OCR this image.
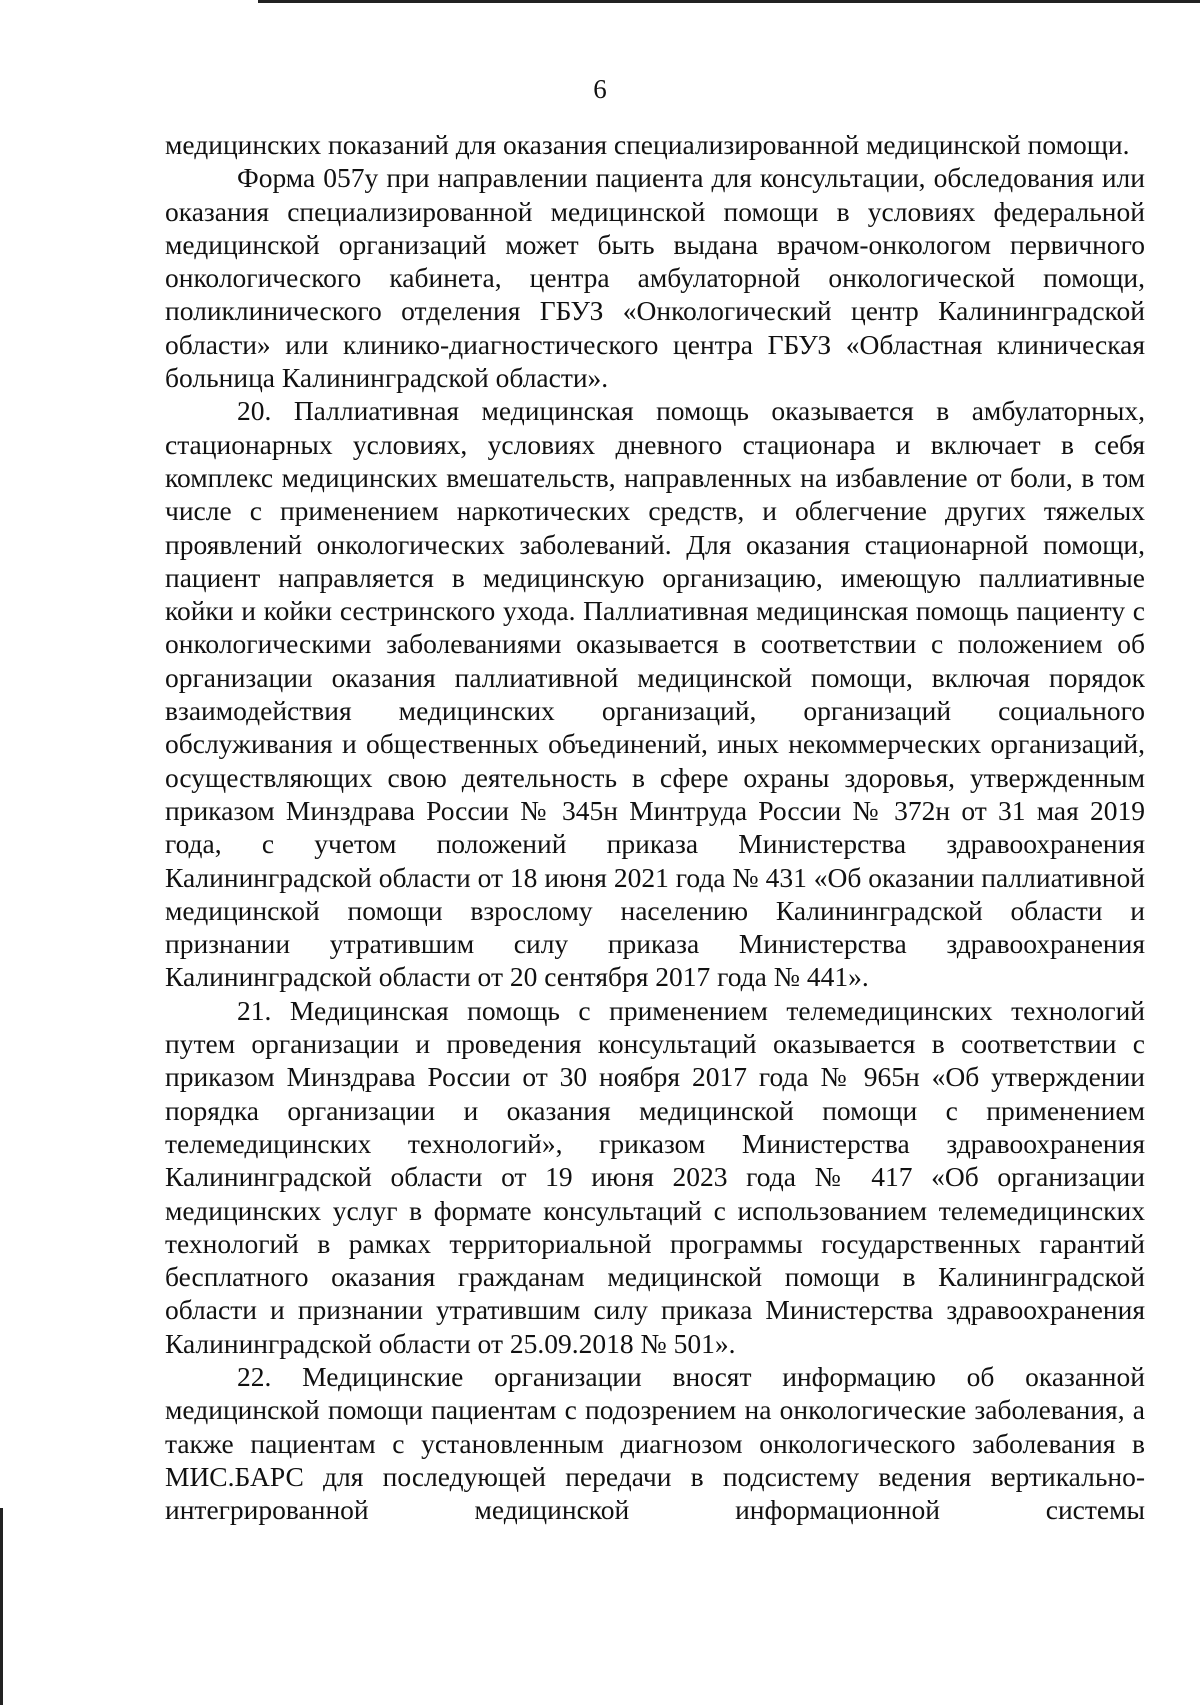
6

медицинских показаний для оказания специализированной медицинской помощи.

Форма 057у при направлении пациента для консультации, обследования или оказания специализированной медицинской помощи в условиях федеральной медицинской организаций может быть выдана врачом-онкологом первичного онкологического кабинета, центра амбулаторной онкологической помощи, поликлинического отделения ГБУЗ «Онкологический центр Калининградской области» или клинико-диагностического центра ГБУЗ «Областная клиническая больница Калининградской области».

20. Паллиативная медицинская помощь оказывается в амбулаторных, стационарных условиях, условиях дневного стационара и включает в себя комплекс медицинских вмешательств, направленных на избавление от боли, в том числе с применением наркотических средств, и облегчение других тяжелых проявлений онкологических заболеваний. Для оказания стационарной помощи, пациент направляется в медицинскую организацию, имеющую паллиативные койки и койки сестринского ухода. Паллиативная медицинская помощь пациенту с онкологическими заболеваниями оказывается в соответствии с положением об организации оказания паллиативной медицинской помощи, включая порядок взаимодействия медицинских организаций, организаций социального обслуживания и общественных объединений, иных некоммерческих организаций, осуществляющих свою деятельность в сфере охраны здоровья, утвержденным приказом Минздрава России № 345н Минтруда России № 372н от 31 мая 2019 года, с учетом положений приказа Министерства здравоохранения Калининградской области от 18 июня 2021 года № 431 «Об оказании паллиативной медицинской помощи взрослому населению Калининградской области и признании утратившим силу приказа Министерства здравоохранения Калининградской области от 20 сентября 2017 года № 441».

21. Медицинская помощь с применением телемедицинских технологий путем организации и проведения консультаций оказывается в соответствии с приказом Минздрава России от 30 ноября 2017 года № 965н «Об утверждении порядка организации и оказания медицинской помощи с применением телемедицинских технологий», гриказом Министерства здравоохранения Калининградской области от 19 июня 2023 года № 417 «Об организации медицинских услуг в формате консультаций с использованием телемедицинских технологий в рамках территориальной программы государственных гарантий бесплатного оказания гражданам медицинской помощи в Калининградской области и признании утратившим силу приказа Министерства здравоохранения Калининградской области от 25.09.2018 № 501».

22. Медицинские организации вносят информацию об оказанной медицинской помощи пациентам с подозрением на онкологические заболевания, а также пациентам с установленным диагнозом онкологического заболевания в МИС.БАРС для последующей передачи в подсистему ведения вертикально-интегрированной медицинской информационной системы
